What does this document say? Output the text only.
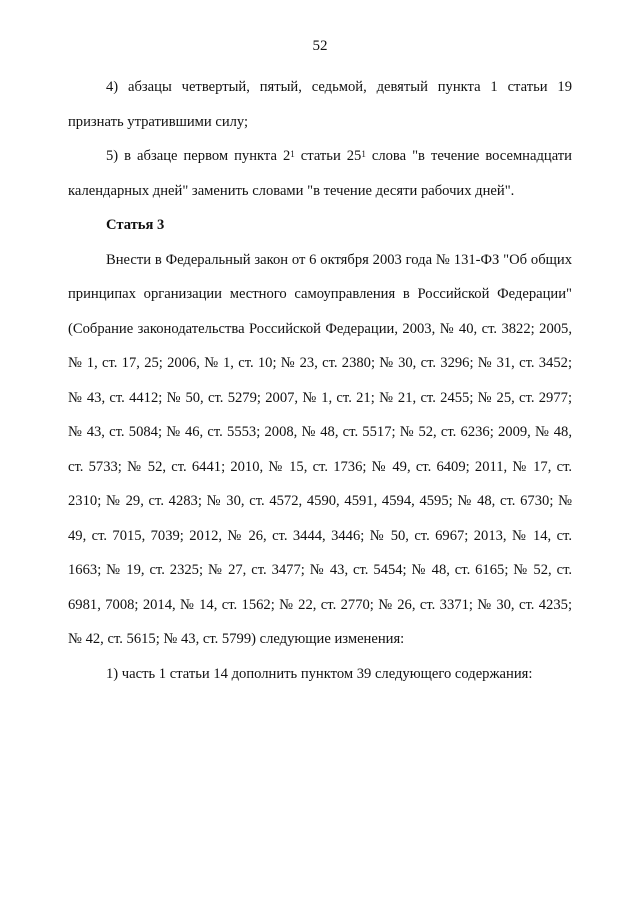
52

4) абзацы четвертый, пятый, седьмой, девятый пункта 1 статьи 19 признать утратившими силу;

5) в абзаце первом пункта $2^1$ статьи $25^1$ слова "в течение восемнадцати календарных дней" заменить словами "в течение десяти рабочих дней".

Статья 3

Внести в Федеральный закон от 6 октября 2003 года № 131-ФЗ "Об общих принципах организации местного самоуправления в Российской Федерации" (Собрание законодательства Российской Федерации, 2003, № 40, ст. 3822; 2005, № 1, ст. 17, 25; 2006, № 1, ст. 10; № 23, ст. 2380; № 30, ст. 3296; № 31, ст. 3452; № 43, ст. 4412; № 50, ст. 5279; 2007, № 1, ст. 21; № 21, ст. 2455; № 25, ст. 2977; № 43, ст. 5084; № 46, ст. 5553; 2008, № 48, ст. 5517; № 52, ст. 6236; 2009, № 48, ст. 5733; № 52, ст. 6441; 2010, № 15, ст. 1736; № 49, ст. 6409; 2011, № 17, ст. 2310; № 29, ст. 4283; № 30, ст. 4572, 4590, 4591, 4594, 4595; № 48, ст. 6730; № 49, ст. 7015, 7039; 2012, № 26, ст. 3444, 3446; № 50, ст. 6967; 2013, № 14, ст. 1663; № 19, ст. 2325; № 27, ст. 3477; № 43, ст. 5454; № 48, ст. 6165; № 52, ст. 6981, 7008; 2014, № 14, ст. 1562; № 22, ст. 2770; № 26, ст. 3371; № 30, ст. 4235; № 42, ст. 5615; № 43, ст. 5799) следующие изменения:

1) часть 1 статьи 14 дополнить пунктом 39 следующего содержания:
